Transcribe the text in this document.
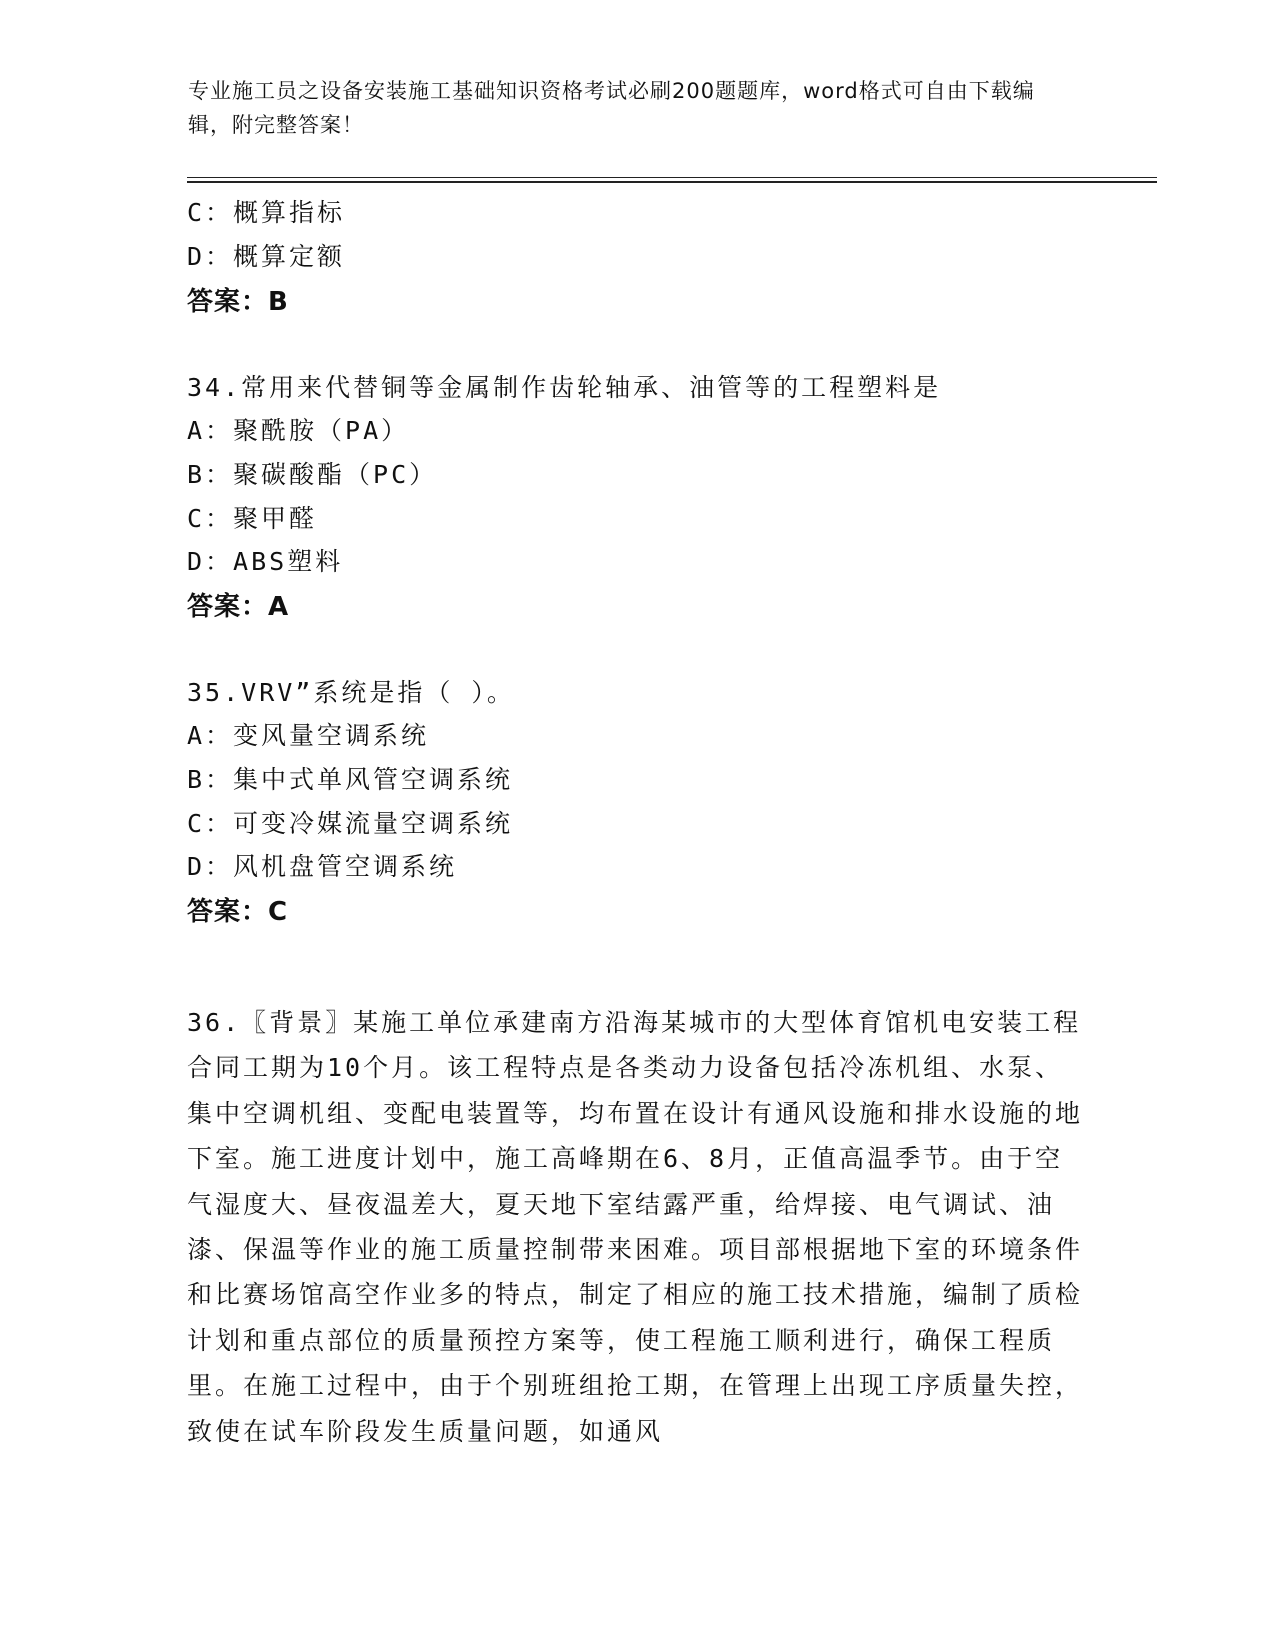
专业施工员之设备安装施工基础知识资格考试必刷200题题库，word格式可自由下载编辑，附完整答案！

C：概算指标

D：概算定额

答案：B

34.常用来代替铜等金属制作齿轮轴承、油管等的工程塑料是

A：聚酰胺（PA）

B：聚碳酸酯（PC）

C：聚甲醛

D：ABS塑料

答案：A

35.VRV”系统是指（ ）。

A：变风量空调系统

B：集中式单风管空调系统

C：可变冷媒流量空调系统

D：风机盘管空调系统

答案：C

36.〖背景〗某施工单位承建南方沿海某城市的大型体育馆机电安装工程合同工期为10个月。该工程特点是各类动力设备包括冷冻机组、水泵、集中空调机组、变配电装置等，均布置在设计有通风设施和排水设施的地下室。施工进度计划中，施工高峰期在6、8月，正值高温季节。由于空气湿度大、昼夜温差大，夏天地下室结露严重，给焊接、电气调试、油漆、保温等作业的施工质量控制带来困难。项目部根据地下室的环境条件和比赛场馆高空作业多的特点，制定了相应的施工技术措施，编制了质检计划和重点部位的质量预控方案等，使工程施工顺利进行，确保工程质里。在施工过程中，由于个别班组抢工期，在管理上出现工序质量失控，致使在试车阶段发生质量问题，如通风
